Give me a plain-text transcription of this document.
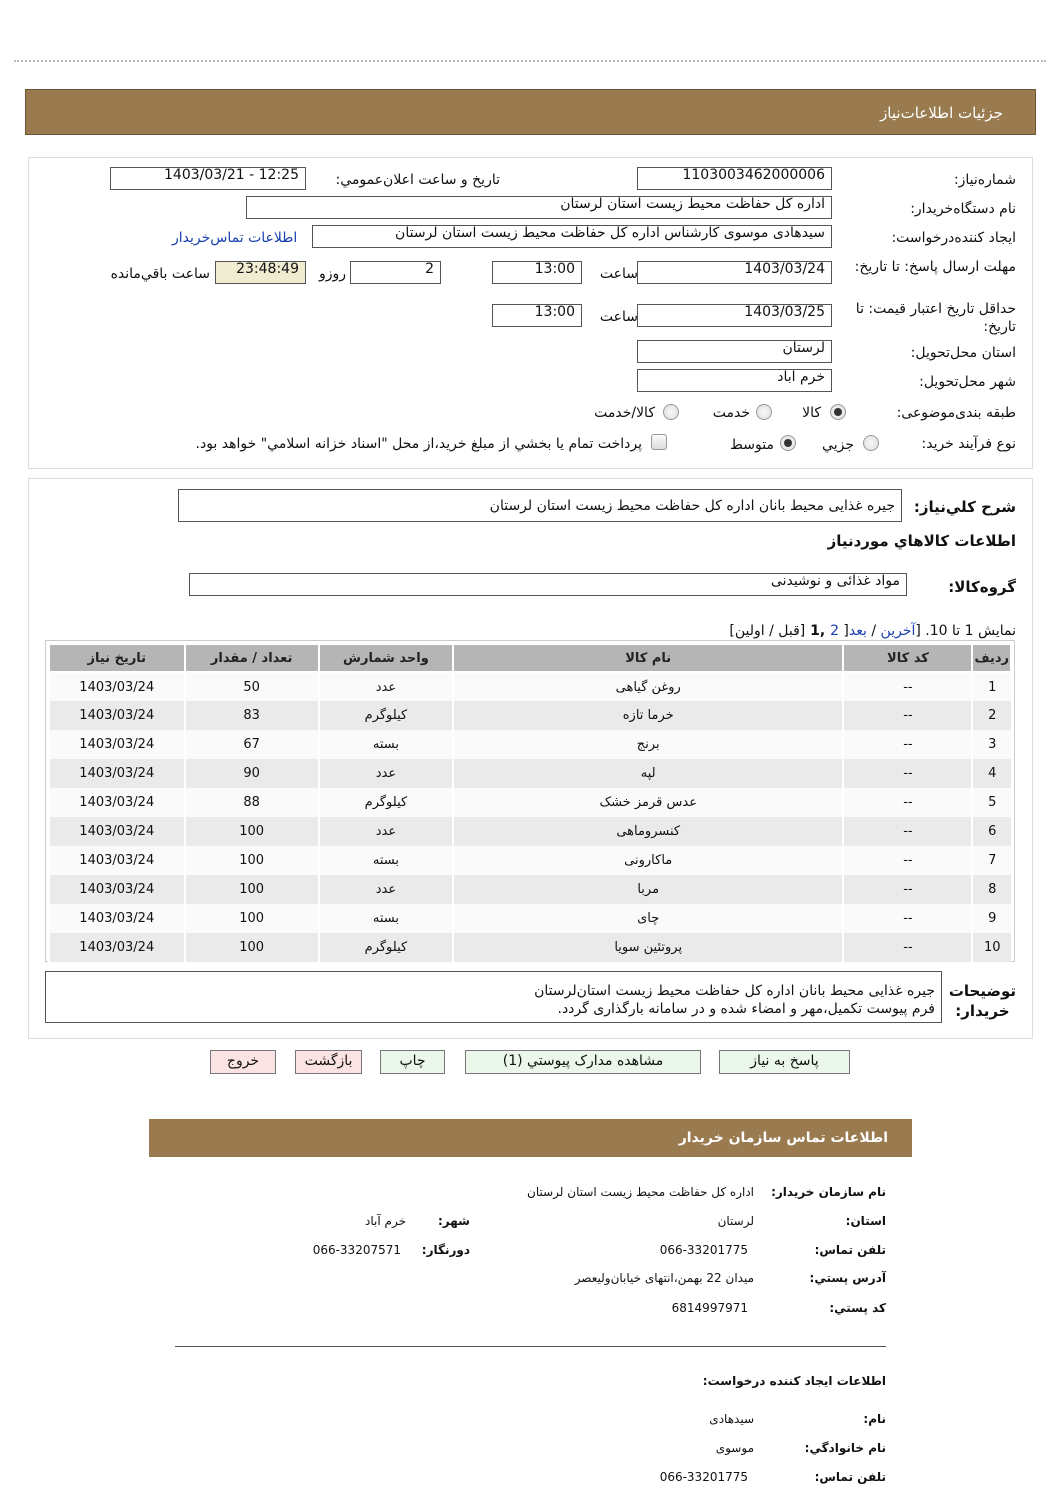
جزئیات اطلاعات‌نیاز
شماره‌نیاز:
1103003462000006
تاریخ و ساعت اعلان‌عمومي:
1403/03/21 - 12:25
نام دستگاه‌خريدار:
اداره کل حفاظت محیط زیست استان لرستان
ايجاد کننده‌درخواست:
سیدهادی موسوی کارشناس اداره کل حفاظت محیط زیست استان لرستان
اطلاعات تماس‌خريدار
مهلت ارسال پاسخ: تا تاريخ:
1403/03/24
ساعت
13:00
2
روزو
23:48:49
ساعت باقي‌مانده
حداقل تاريخ اعتبار قيمت: تا تاريخ:
1403/03/25
ساعت
13:00
استان محل‌تحويل:
لرستان
شهر محل‌تحويل:
خرم آباد
طبقه بندی‌موضوعی:
کالا
خدمت
کالا/خدمت
نوع فرآيند خريد:
جزيي
متوسط
پرداخت تمام يا بخشي از مبلغ خريد،از محل "اسناد خزانه اسلامي" خواهد بود.
شرح کلي‌نياز:
جیره غذایی محیط بانان اداره کل حفاظت محیط زیست استان لرستان
اطلاعات کالاهاي موردنياز
گروه‌کالا:
مواد غذائی و نوشیدنی
نمایش 1 تا 10. [آخرین / بعد[ 2 ,1 [قبل / اولین]
رديف	کد کالا	نام کالا	واحد شمارش	تعداد / مقدار	تاريخ نياز
1	--	روغن گیاهی	عدد	50	1403/03/24
2	--	خرما تازه	کیلوگرم	83	1403/03/24
3	--	برنج	بسته	67	1403/03/24
4	--	لپه	عدد	90	1403/03/24
5	--	عدس قرمز خشک	کیلوگرم	88	1403/03/24
6	--	کنسروماهی	عدد	100	1403/03/24
7	--	ماکارونی	بسته	100	1403/03/24
8	--	مربا	عدد	100	1403/03/24
9	--	چای	بسته	100	1403/03/24
10	--	پروتئین سویا	کیلوگرم	100	1403/03/24
توضيحات
خريدار:
جیره غذایی محیط بانان اداره کل حفاظت محیط زیست استان‌لرستان
فرم پیوست تکمیل،مهر و امضاء شده و در سامانه بارگذاری گردد.
پاسخ به نياز
مشاهده مدارک پيوستي (1)
چاپ
بازگشت
خروج
اطلاعات تماس سازمان خريدار
نام سازمان خريدار:
اداره کل حفاظت محیط زیست استان لرستان
استان:
لرستان
شهر:
خرم آباد
تلفن تماس:
066-33201775
دورنگار:
066-33207571
آدرس پستي:
میدان 22 بهمن،انتهای خیابان‌ولیعصر
کد پستي:
6814997971
اطلاعات ايجاد کننده درخواست:
نام:
سیدهادی
نام خانوادگي:
موسوی
تلفن تماس:
066-33201775
